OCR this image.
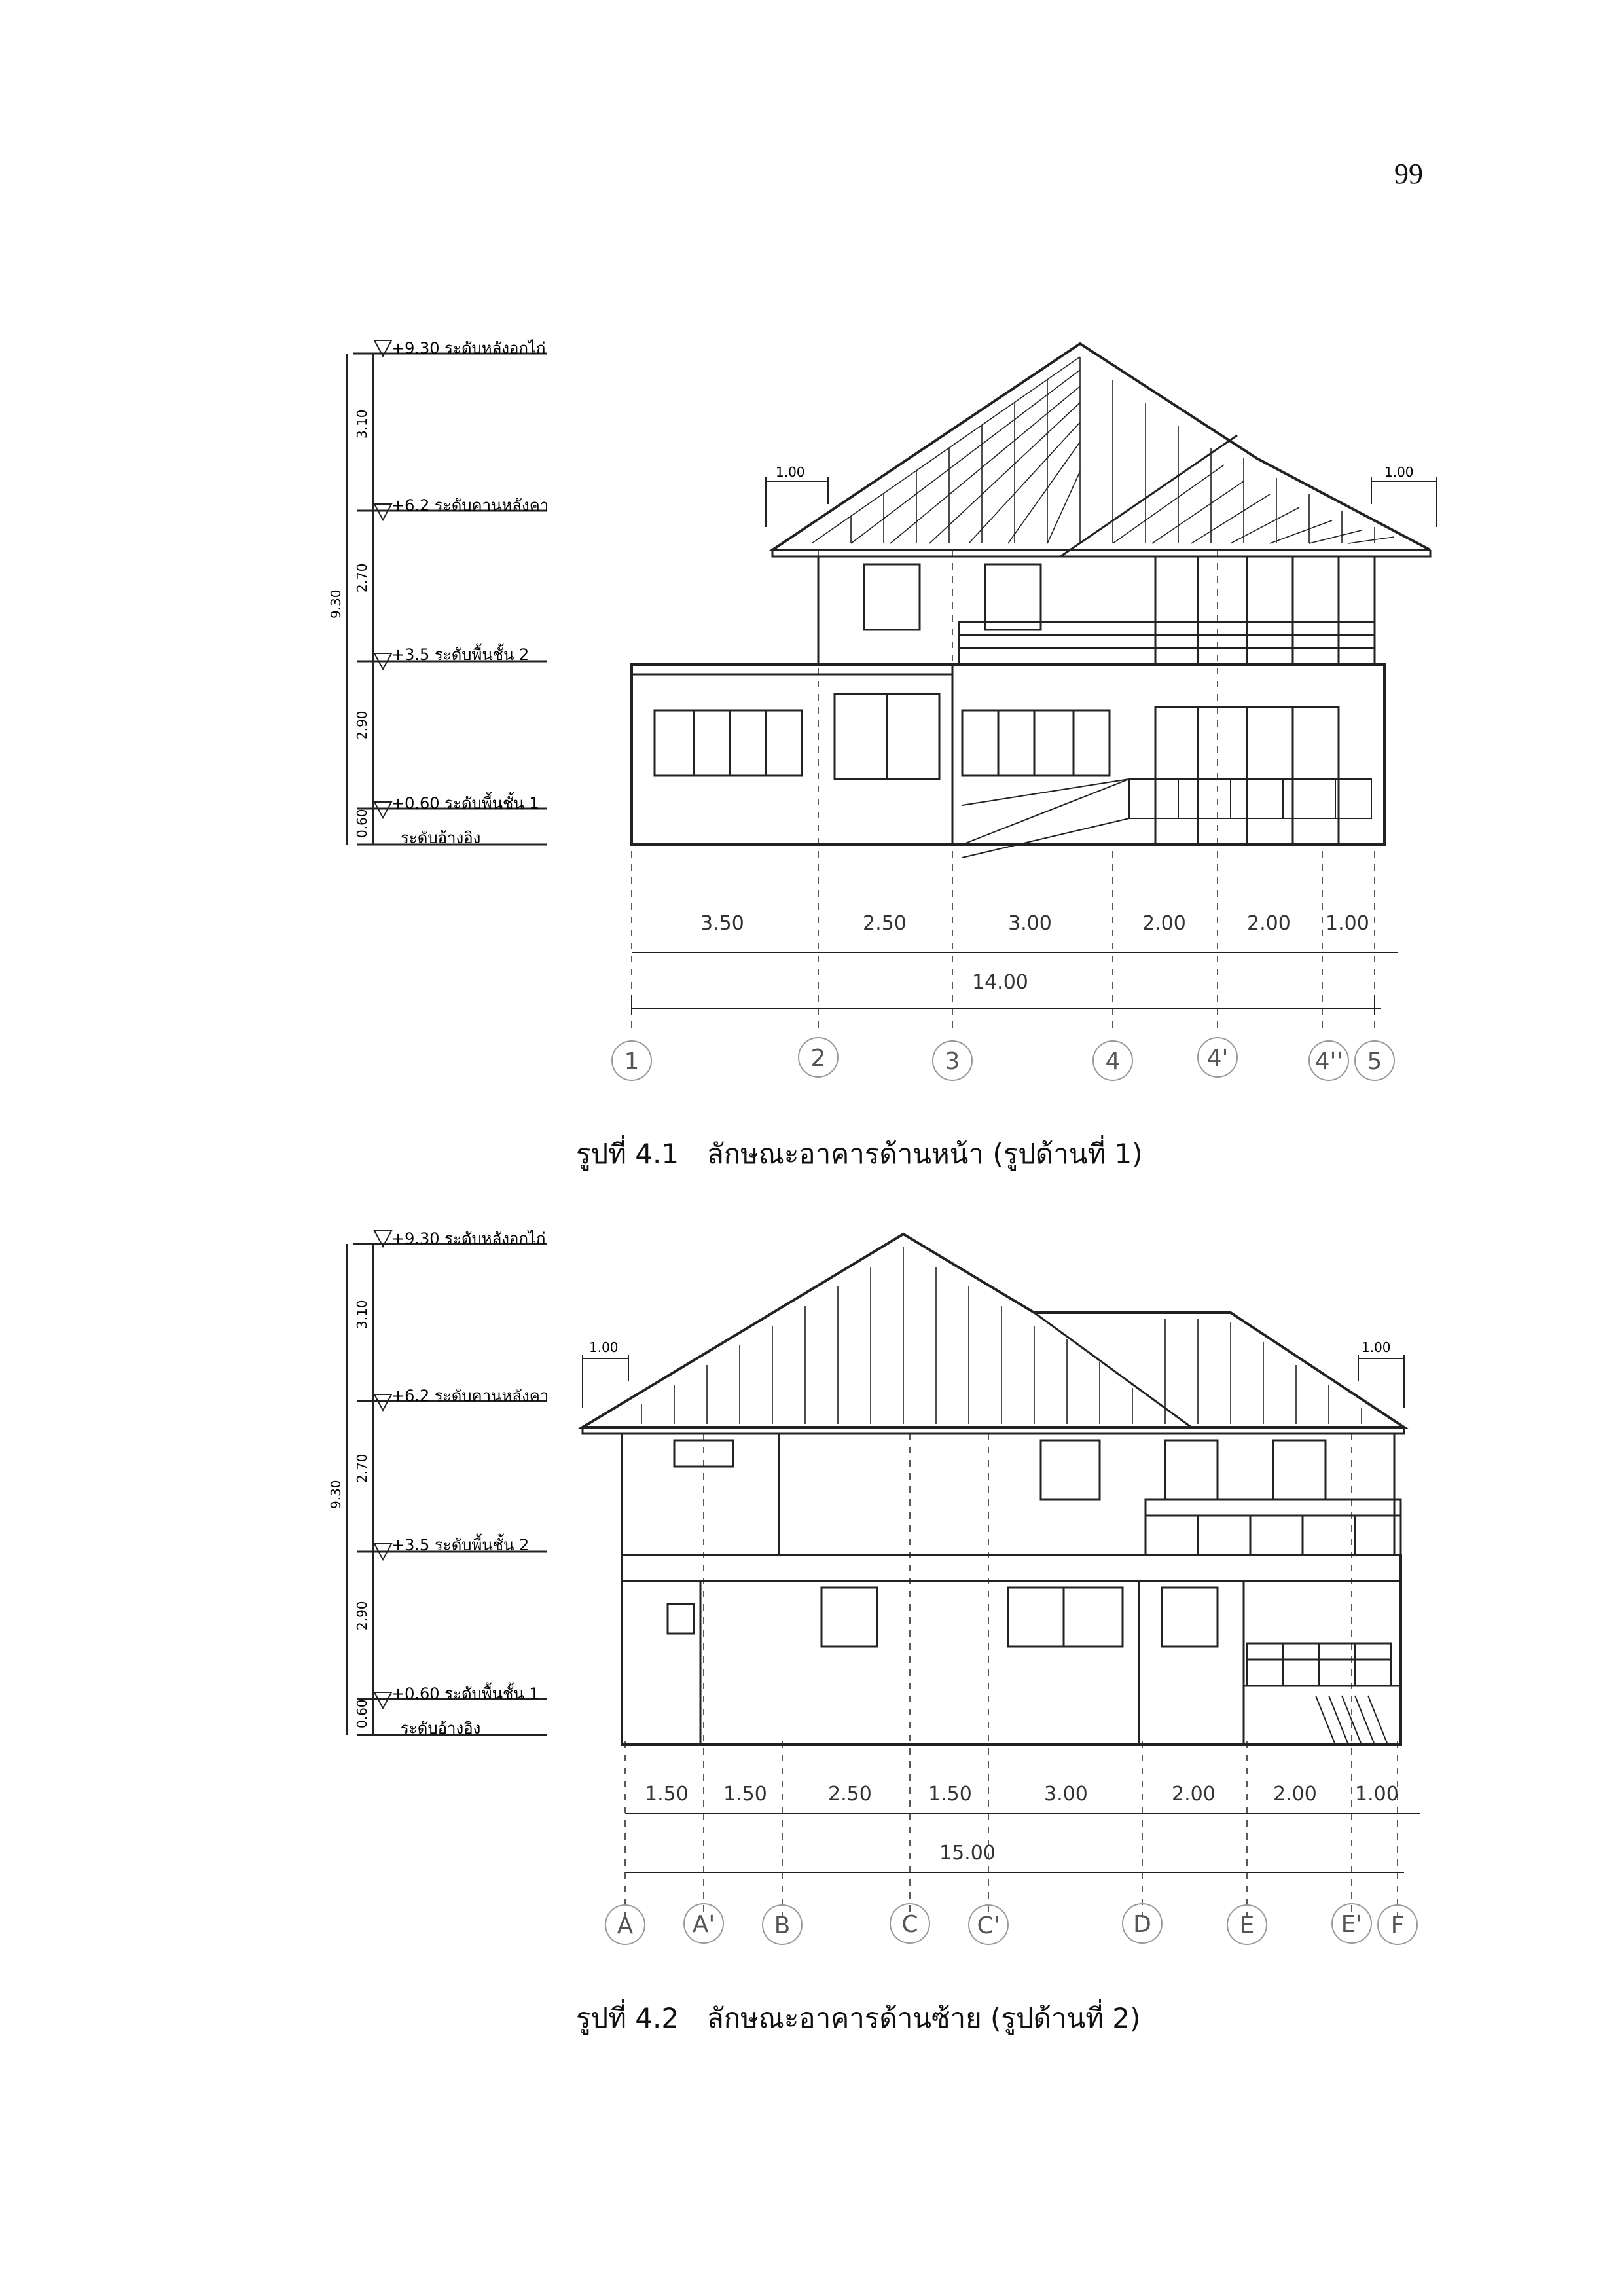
99
+9.30 ระดับหลังอกไก่
+6.2 ระดับคานหลังคา
+3.5 ระดับพื้นชั้น 2
+0.60 ระดับพื้นชั้น 1
ระดับอ้างอิง
3.10
2.70
2.90
0.60
9.30
1.00	1.00
3.50	2.50	3.00	2.00	2.00 1.00
14.00
1	2	3	4	4'	4'' 5
รูปที่ 4.1 ลักษณะอาคารด้านหน้า (รูปด้านที่ 1)
+9.30 ระดับหลังอกไก่
+6.2 ระดับคานหลังคา
+3.5 ระดับพื้นชั้น 2
+0.60 ระดับพื้นชั้น 1
ระดับอ้างอิง
3.10
2.70
2.90
0.60
9.30
1.00	1.00
1.50 1.50	2.50	1.50	3.00	2.00	2.00 1.00
15.00
A	A'	B	C C'	D	E	E' F
รูปที่ 4.2 ลักษณะอาคารด้านซ้าย (รูปด้านที่ 2)
